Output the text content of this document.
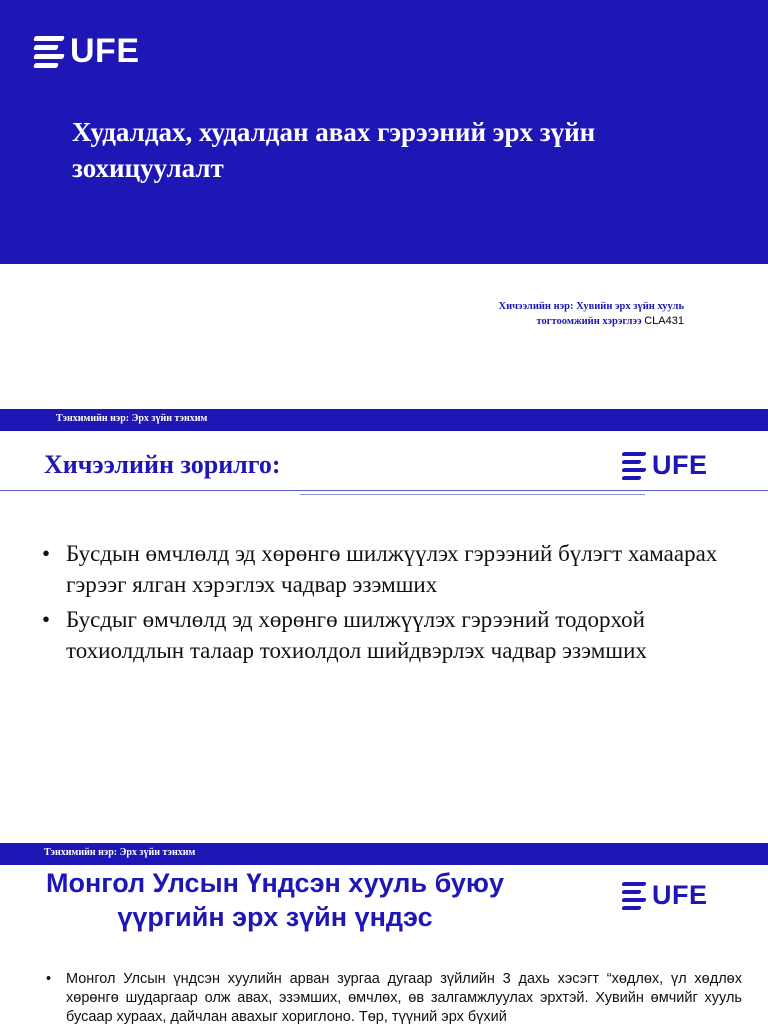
UFE
Худалдах, худалдан авах гэрээний эрх зүйн зохицуулалт
Хичээлийн нэр: Хувийн эрх зүйн хууль
тогтоомжийн хэрэглээ CLA431
Тэнхимийн нэр: Эрх зүйн тэнхим
Хичээлийн зорилго:	UFE
• Бусдын өмчлөлд эд хөрөнгө шилжүүлэх гэрээний бүлэгт хамаарах гэрээг ялган хэрэглэх чадвар эзэмших
• Бусдыг өмчлөлд эд хөрөнгө шилжүүлэх гэрээний тодорхой тохиолдлын талаар тохиолдол шийдвэрлэх чадвар эзэмших
Тэнхимийн нэр: Эрх зүйн тэнхим
Монгол Улсын Үндсэн хууль буюу үүргийн эрх зүйн үндэс
UFE
• Монгол Улсын үндсэн хуулийн арван зургаа дугаар зүйлийн 3 дахь хэсэгт “хөдлөх, үл хөдлөх хөрөнгө шударгаар олж авах, эзэмших, өмчлөх, өв залгамжлуулах эрхтэй. Хувийн өмчийг хууль бусаар хураах, дайчлан авахыг хориглоно. Төр, түүний эрх бүхий
